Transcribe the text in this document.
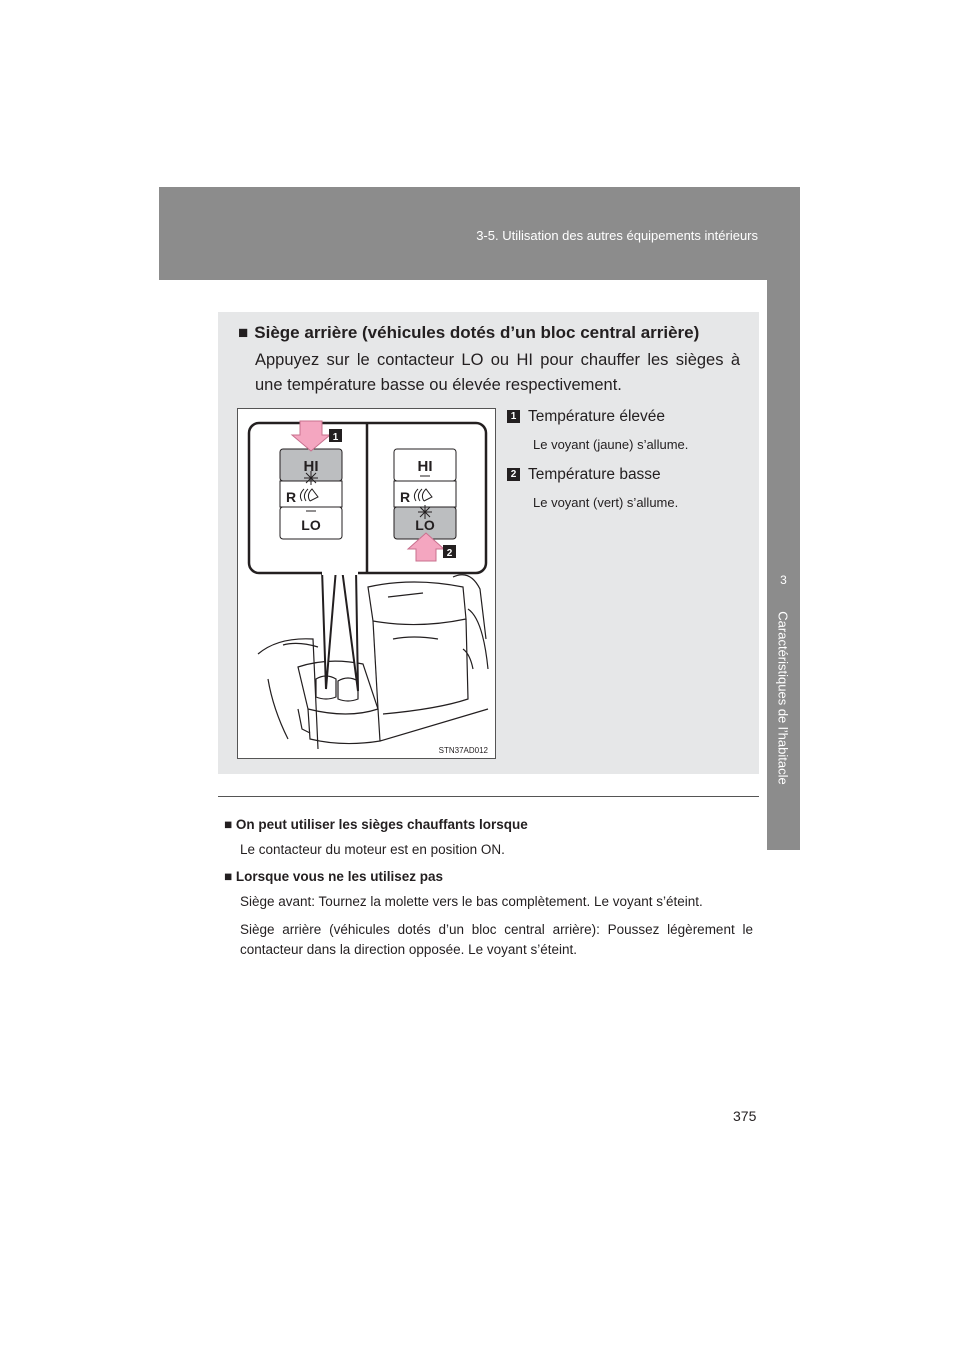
3-5. Utilisation des autres équipements intérieurs
3
Caractéristiques de l’habitacle
■ Siège arrière (véhicules dotés d’un bloc central arrière)
Appuyez sur le contacteur LO ou HI pour chauffer les sièges à une température basse ou élevée respectivement.
HI
R
LO
HI
R
LO
1
2
STN37AD012
1 Température élevée
Le voyant (jaune) s’allume.
2 Température basse
Le voyant (vert) s’allume.
■ On peut utiliser les sièges chauffants lorsque
Le contacteur du moteur est en position ON.
■ Lorsque vous ne les utilisez pas
Siège avant: Tournez la molette vers le bas complètement. Le voyant s’éteint.
Siège arrière (véhicules dotés d’un bloc central arrière): Poussez légèrement le contacteur dans la direction opposée. Le voyant s’éteint.
375
